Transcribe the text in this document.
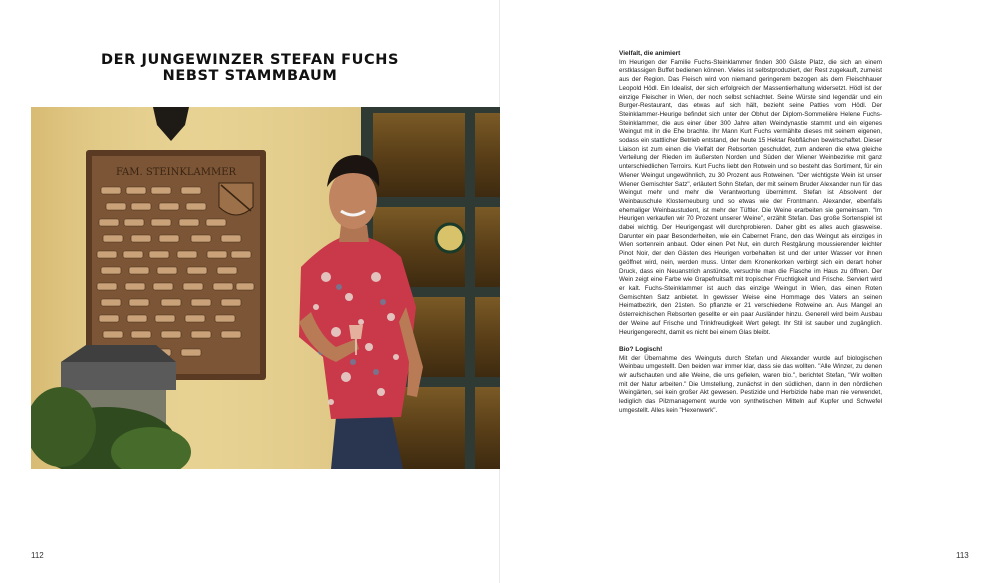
DER JUNGEWINZER STEFAN FUCHS
NEBST STAMMBAUM
112
FAM. STEINKLAMMER
Vielfalt, die animiert

Im Heurigen der Familie Fuchs-Steinklammer finden 300 Gäste Platz, die sich an einem erstklassigen Buffet bedienen können. Vieles ist selbstproduziert, der Rest zugekauft, zumeist aus der Region. Das Fleisch wird von niemand geringerem bezogen als dem Fleischhauer Leopold Hödl. Ein Idealist, der sich erfolgreich der Massentierhaltung widersetzt. Hödl ist der einzige Fleischer in Wien, der noch selbst schlachtet. Seine Würste sind legendär und ein Burger-Restaurant, das etwas auf sich hält, bezieht seine Patties vom Hödl. Der Steinklammer-Heurige befindet sich unter der Obhut der Diplom-Sommelière Helene Fuchs-Steinklammer, die aus einer über 300 Jahre alten Weindynastie stammt und ein eigenes Weingut mit in die Ehe brachte. Ihr Mann Kurt Fuchs vermählte dieses mit seinem eigenen, sodass ein stattlicher Betrieb entstand, der heute 15 Hektar Rebflächen bewirtschaftet. Dieser Liaison ist zum einen die Vielfalt der Rebsorten geschuldet, zum anderen die etwa gleiche Verteilung der Rieden im äußersten Norden und Süden der Wiener Weinbezirke mit ganz unterschiedlichen Terroirs. Kurt Fuchs liebt den Rotwein und so besteht das Sortiment, für ein Wiener Weingut ungewöhnlich, zu 30 Prozent aus Rotweinen. "Der wichtigste Wein ist unser Wiener Gemischter Satz", erläutert Sohn Stefan, der mit seinem Bruder Alexander nun für das Weingut mehr und mehr die Verantwortung übernimmt. Stefan ist Absolvent der Weinbauschule Klosterneuburg und so etwas wie der Frontmann. Alexander, ebenfalls ehemaliger Weinbaustudent, ist mehr der Tüftler. Die Weine erarbeiten sie gemeinsam. "Im Heurigen verkaufen wir 70 Prozent unserer Weine", erzählt Stefan. Das große Sortenspiel ist dabei wichtig. Der Heurigengast will durchprobieren. Daher gibt es alles auch glasweise. Darunter ein paar Besonderheiten, wie ein Cabernet Franc, den das Weingut als einziges in Wien sortenrein anbaut. Oder einen Pet Nut, ein durch Restgärung moussierender leichter Pinot Noir, der den Gästen des Heurigen vorbehalten ist und der unter Wasser vor ihnen geöffnet wird, nein, werden muss. Unter dem Kronenkorken verbirgt sich ein derart hoher Druck, dass ein Neuanstrich anstünde, versuchte man die Flasche im Haus zu öffnen. Der Wein zeigt eine Farbe wie Grapefruitsaft mit tropischer Fruchtigkeit und Frische. Serviert wird er kalt. Fuchs-Steinklammer ist auch das einzige Weingut in Wien, das einen Roten Gemischten Satz anbietet. In gewisser Weise eine Hommage des Vaters an seinen Heimatbezirk, den 21sten. So pflanzte er 21 verschiedene Rotweine an. Aus Mangel an österreichischen Rebsorten gesellte er ein paar Ausländer hinzu. Generell wird beim Ausbau der Weine auf Frische und Trinkfreudigkeit Wert gelegt. Ihr Stil ist sauber und zugänglich. Heurigengerecht, damit es nicht bei einem Glas bleibt.

Bio? Logisch!

Mit der Übernahme des Weinguts durch Stefan und Alexander wurde auf biologischen Weinbau umgestellt. Den beiden war immer klar, dass sie das wollten. "Alle Winzer, zu denen wir aufschauten und alle Weine, die uns gefielen, waren bio.", berichtet Stefan, "Wir wollten mit der Natur arbeiten." Die Umstellung, zunächst in den südlichen, dann in den nördlichen Weingärten, sei kein großer Akt gewesen. Pestizide und Herbizide habe man nie verwendet, lediglich das Pilzmanagement wurde von synthetischen Mitteln auf Kupfer und Schwefel umgestellt. Alles kein "Hexenwerk".

113
